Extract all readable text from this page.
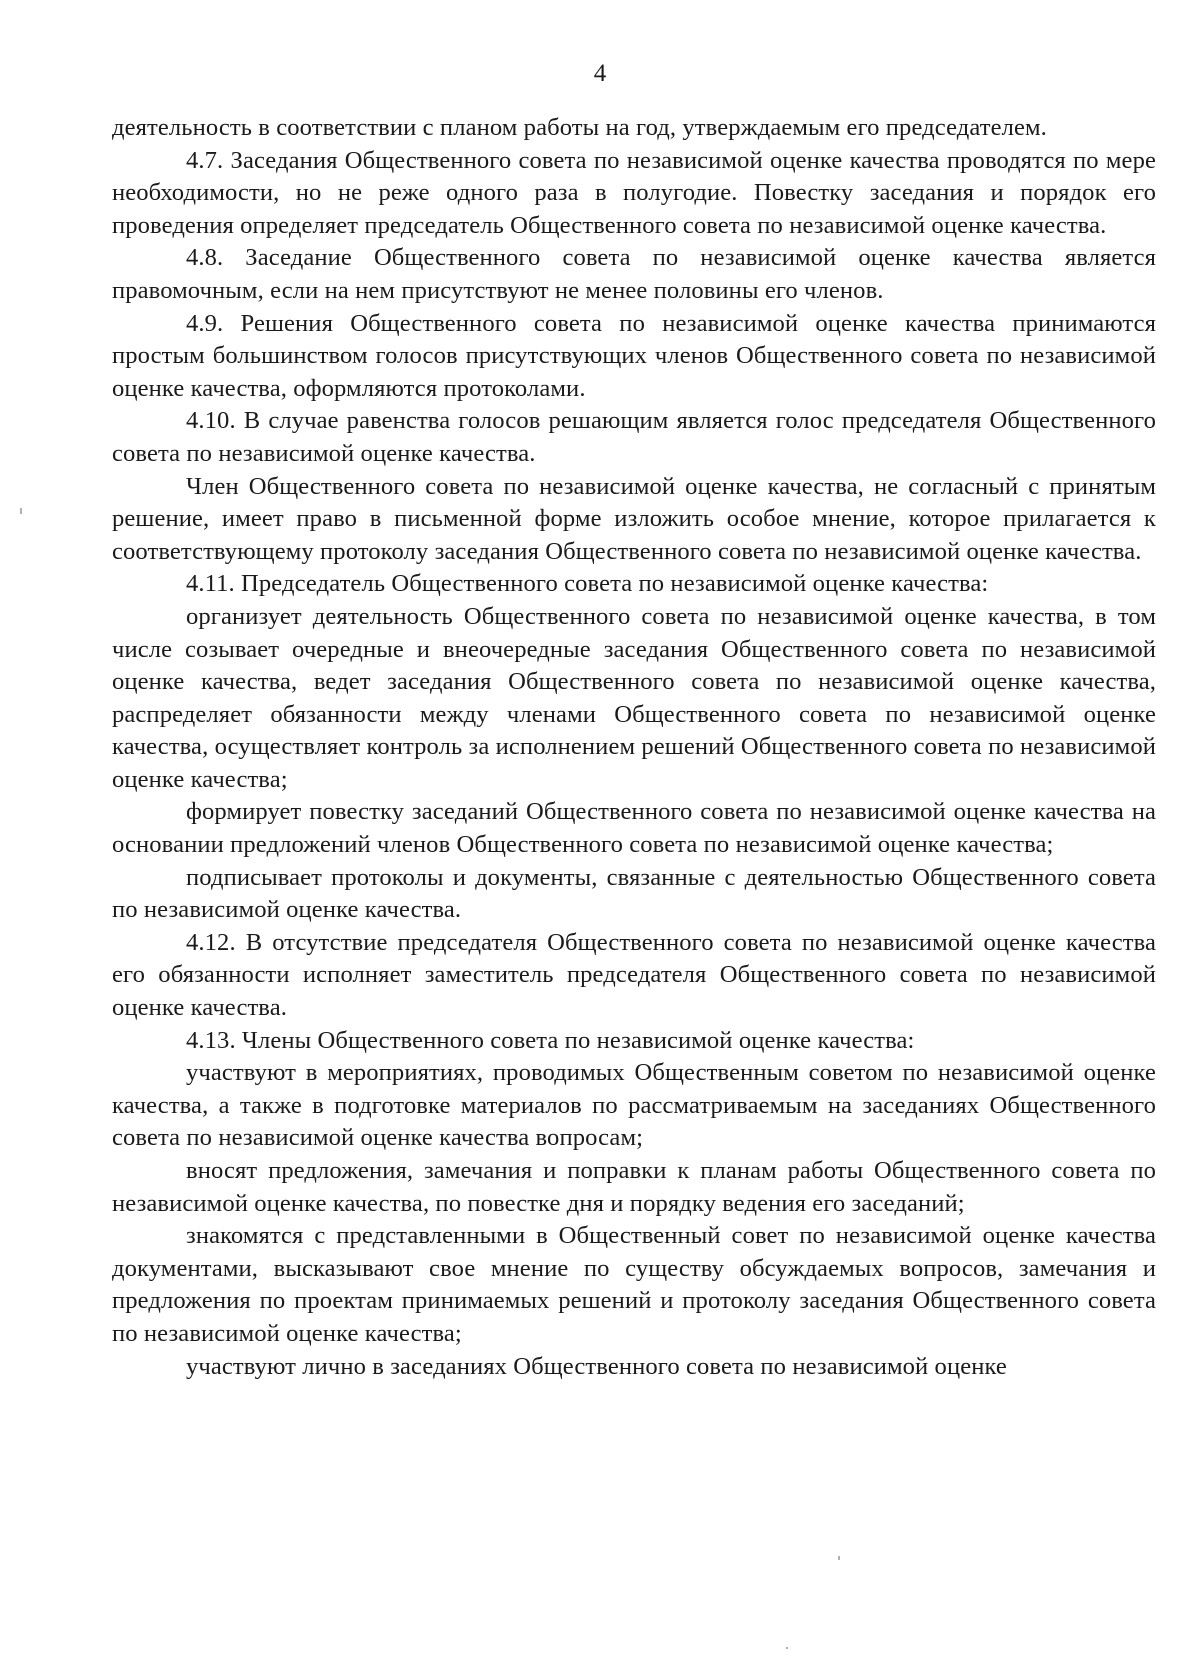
4

деятельность в соответствии с планом работы на год, утверждаемым его председателем.

4.7. Заседания Общественного совета по независимой оценке качества проводятся по мере необходимости, но не реже одного раза в полугодие. Повестку заседания и порядок его проведения определяет председатель Общественного совета по независимой оценке качества.

4.8. Заседание Общественного совета по независимой оценке качества является правомочным, если на нем присутствуют не менее половины его членов.

4.9. Решения Общественного совета по независимой оценке качества принимаются простым большинством голосов присутствующих членов Общественного совета по независимой оценке качества, оформляются протоколами.

4.10. В случае равенства голосов решающим является голос председателя Общественного совета по независимой оценке качества.

Член Общественного совета по независимой оценке качества, не согласный с принятым решение, имеет право в письменной форме изложить особое мнение, которое прилагается к соответствующему протоколу заседания Общественного совета по независимой оценке качества.

4.11. Председатель Общественного совета по независимой оценке качества:

организует деятельность Общественного совета по независимой оценке качества, в том числе созывает очередные и внеочередные заседания Общественного совета по независимой оценке качества, ведет заседания Общественного совета по независимой оценке качества, распределяет обязанности между членами Общественного совета по независимой оценке качества, осуществляет контроль за исполнением решений Общественного совета по независимой оценке качества;

формирует повестку заседаний Общественного совета по независимой оценке качества на основании предложений членов Общественного совета по независимой оценке качества;

подписывает протоколы и документы, связанные с деятельностью Общественного совета по независимой оценке качества.

4.12. В отсутствие председателя Общественного совета по независимой оценке качества его обязанности исполняет заместитель председателя Общественного совета по независимой оценке качества.

4.13. Члены Общественного совета по независимой оценке качества:

участвуют в мероприятиях, проводимых Общественным советом по независимой оценке качества, а также в подготовке материалов по рассматриваемым на заседаниях Общественного совета по независимой оценке качества вопросам;

вносят предложения, замечания и поправки к планам работы Общественного совета по независимой оценке качества, по повестке дня и порядку ведения его заседаний;

знакомятся с представленными в Общественный совет по независимой оценке качества документами, высказывают свое мнение по существу обсуждаемых вопросов, замечания и предложения по проектам принимаемых решений и протоколу заседания Общественного совета по независимой оценке качества;

участвуют лично в заседаниях Общественного совета по независимой оценке
